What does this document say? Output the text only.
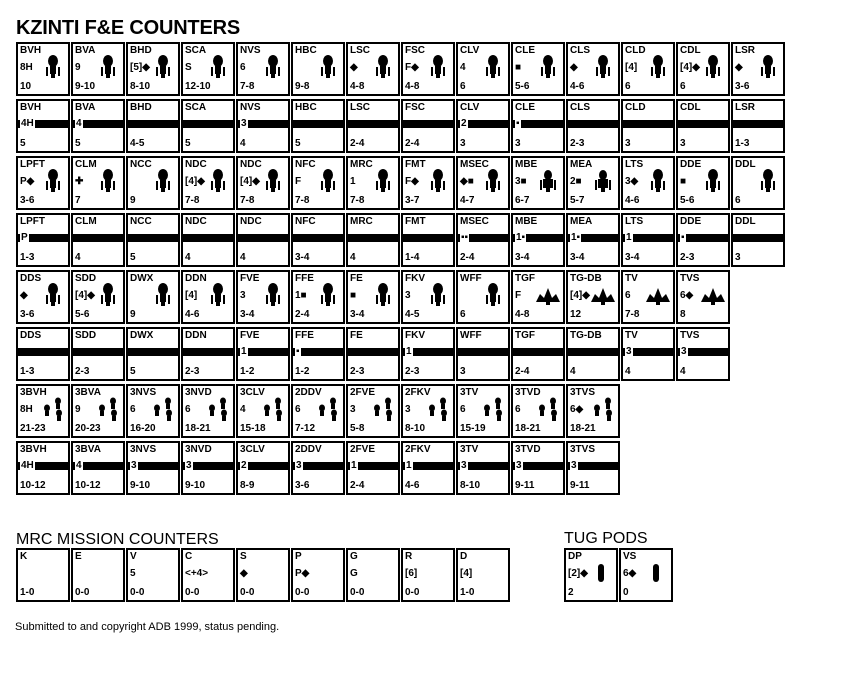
KZINTI F&E COUNTERS
BVH
8H
10
BVA
9
9-10
BHD
[5]◆
8-10
SCA
S
12-10
NVS
6
7-8
HBC
9-8
LSC
◆
4-8
FSC
F◆
4-8
CLV
4
6
CLE
■
5-6
CLS
◆
4-6
CLD
[4]
6
CDL
[4]◆
6
LSR
◆
3-6
BVH
4H
5
BVA
4
5
BHD
4-5
SCA
5
NVS
3
4
HBC
5
LSC
2-4
FSC
2-4
CLV
2
3
CLE
▪
3
CLS
2-3
CLD
3
CDL
3
LSR
1-3
LPFT
P◆
3-6
CLM
✚
7
NCC
9
NDC
[4]◆
7-8
NDC
[4]◆
7-8
NFC
F
7-8
MRC
1
7-8
FMT
F◆
3-7
MSEC
◆■
4-7
MBE
3■
6-7
MEA
2■
5-7
LTS
3◆
4-6
DDE
■
5-6
DDL
6
LPFT
P
1-3
CLM
4
NCC
5
NDC
4
NDC
4
NFC
3-4
MRC
4
FMT
1-4
MSEC
▪▪
2-4
MBE
1▪
3-4
MEA
1▪
3-4
LTS
1
3-4
DDE
▪
2-3
DDL
3
DDS
◆
3-6
SDD
[4]◆
5-6
DWX
9
DDN
[4]
4-6
FVE
3
3-4
FFE
1■
2-4
FE
■
3-4
FKV
3
4-5
WFF
6
TGF
F
4-8
TG-DB
[4]◆
12
TV
6
7-8
TVS
6◆
8
DDS
1-3
SDD
2-3
DWX
5
DDN
2-3
FVE
1
1-2
FFE
▪
1-2
FE
2-3
FKV
1
2-3
WFF
3
TGF
2-4
TG-DB
4
TV
3
4
TVS
3
4
3BVH
8H
21-23
3BVA
9
20-23
3NVS
6
16-20
3NVD
6
18-21
3CLV
4
15-18
2DDV
6
7-12
2FVE
3
5-8
2FKV
3
8-10
3TV
6
15-19
3TVD
6
18-21
3TVS
6◆
18-21
3BVH
4H
10-12
3BVA
4
10-12
3NVS
3
9-10
3NVD
3
9-10
3CLV
2
8-9
2DDV
3
3-6
2FVE
1
2-4
2FKV
1
4-6
3TV
3
8-10
3TVD
3
9-11
3TVS
3
9-11
MRC MISSION COUNTERS
K
1-0
E
0-0
V
5
0-0
C
<+4>
0-0
S
◆
0-0
P
P◆
0-0
G
G
0-0
R
[6]
0-0
D
[4]
1-0
TUG PODS
DP
[2]◆
2
VS
6◆
0
Submitted to and copyright ADB 1999, status pending.
